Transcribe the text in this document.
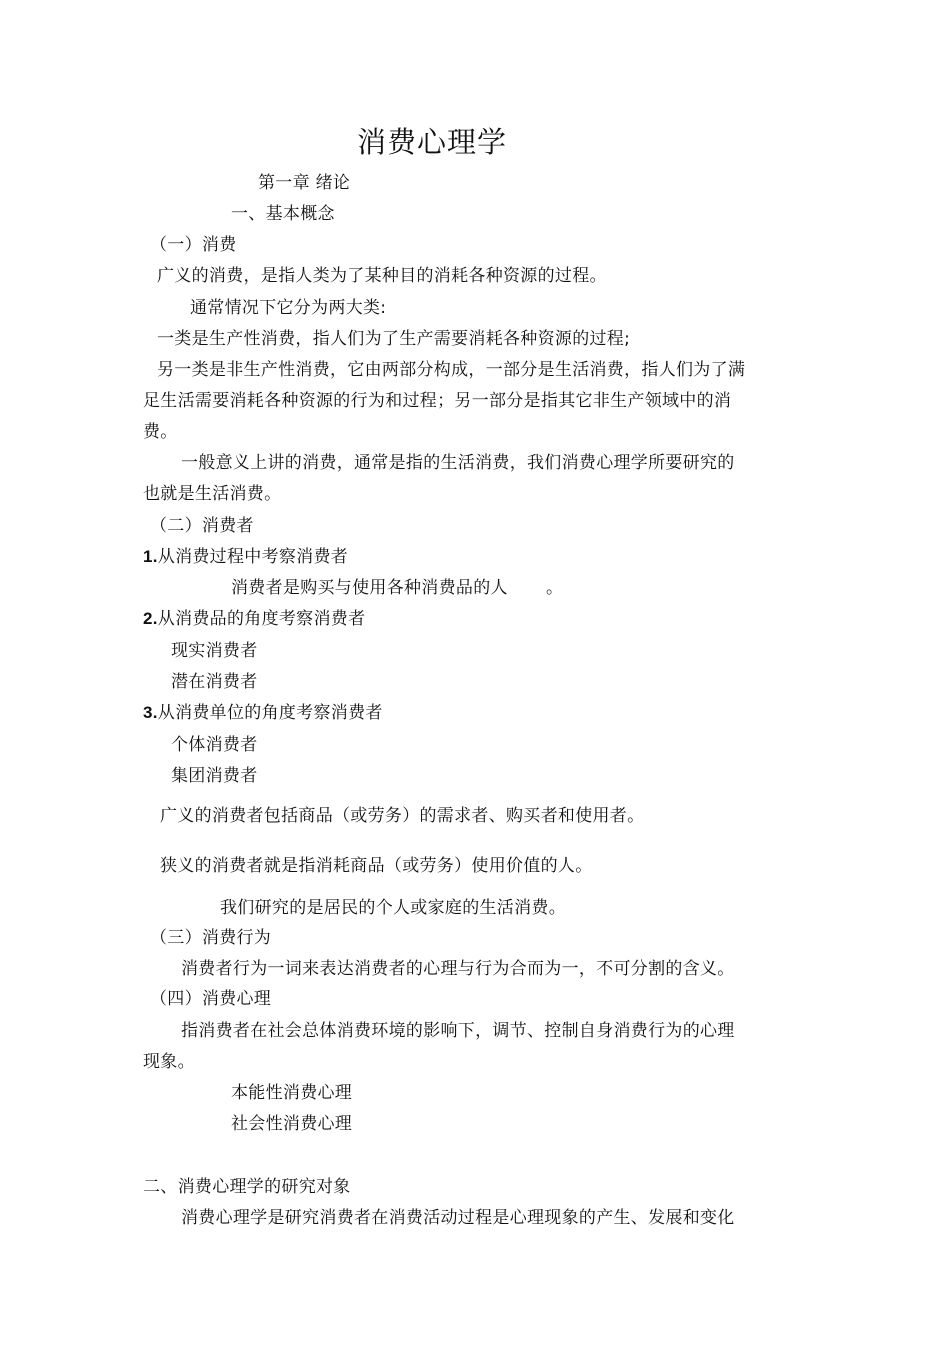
消费心理学
第一章 绪论
一、基本概念
（一）消费
广义的消费，是指人类为了某种目的消耗各种资源的过程。
通常情况下它分为两大类:
一类是生产性消费，指人们为了生产需要消耗各种资源的过程;
另一类是非生产性消费，它由两部分构成，一部分是生活消费，指人们为了满
足生活需要消耗各种资源的行为和过程；另一部分是指其它非生产领域中的消
费。
一般意义上讲的消费，通常是指的生活消费，我们消费心理学所要研究的
也就是生活消费。
（二）消费者
1.从消费过程中考察消费者
消费者是购买与使用各种消费品的人 。
2.从消费品的角度考察消费者
现实消费者
潜在消费者
3.从消费单位的角度考察消费者
个体消费者
集团消费者
广义的消费者包括商品（或劳务）的需求者、购买者和使用者。
狭义的消费者就是指消耗商品（或劳务）使用价值的人。
我们研究的是居民的个人或家庭的生活消费。
（三）消费行为
消费者行为一词来表达消费者的心理与行为合而为一，不可分割的含义。
（四）消费心理
指消费者在社会总体消费环境的影响下，调节、控制自身消费行为的心理
现象。
本能性消费心理
社会性消费心理
二、消费心理学的研究对象
消费心理学是研究消费者在消费活动过程是心理现象的产生、发展和变化
